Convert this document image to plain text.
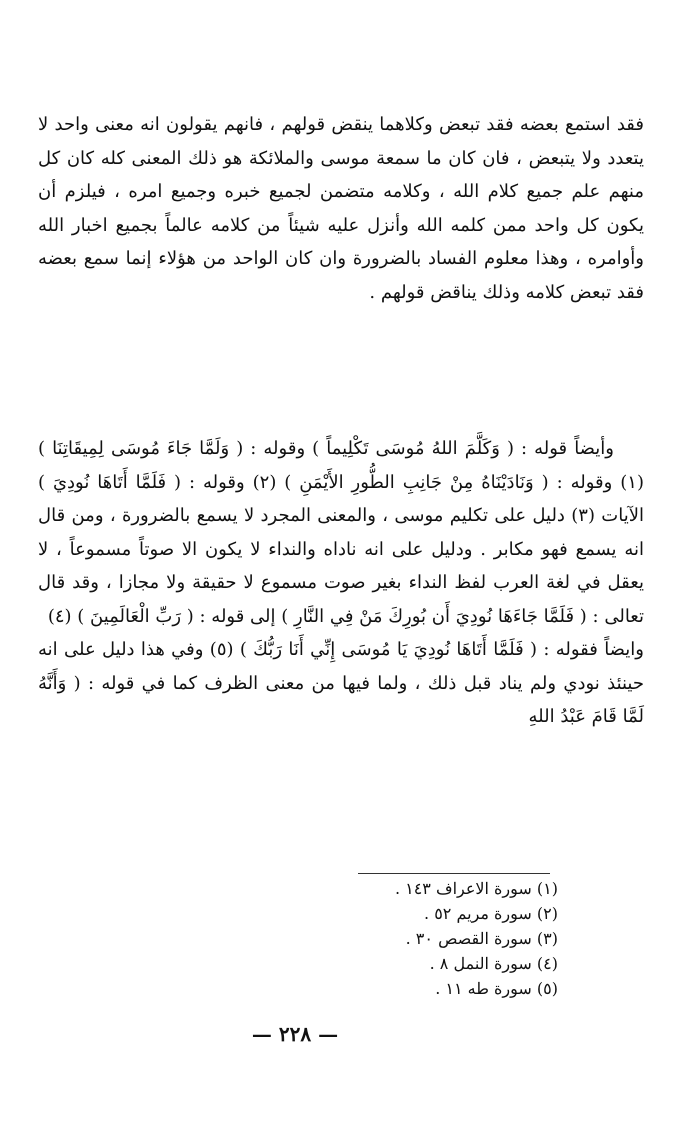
فقد استمع بعضه فقد تبعض وكلاهما ينقض قولهم ، فانهم يقولون انه معنى واحد لا يتعدد ولا يتبعض ، فان كان ما سمعة موسى والملائكة هو ذلك المعنى كله كان كل منهم علم جميع كلام الله ، وكلامه متضمن لجميع خبره وجميع امره ، فيلزم أن يكون كل واحد ممن كلمه الله وأنزل عليه شيئاً من كلامه عالماً بجميع اخبار الله وأوامره ، وهذا معلوم الفساد بالضرورة وان كان الواحد من هؤلاء إنما سمع بعضه فقد تبعض كلامه وذلك يناقض قولهم .

وأيضاً قوله : ( وَكَلَّمَ اللهُ مُوسَى تَكْلِيماً ) وقوله : ( وَلَمَّا جَاءَ مُوسَى لِمِيقَاتِنَا ) (١) وقوله : ( وَنَادَيْنَاهُ مِنْ جَانِبِ الطُّورِ الأَيْمَنِ ) (٢) وقوله : ( فَلَمَّا أَتَاهَا نُودِيَ ) الآيات (٣) دليل على تكليم موسى ، والمعنى المجرد لا يسمع بالضرورة ، ومن قال انه يسمع فهو مكابر . ودليل على انه ناداه والنداء لا يكون الا صوتاً مسموعاً ، لا يعقل في لغة العرب لفظ النداء بغير صوت مسموع لا حقيقة ولا مجازا ، وقد قال تعالى : ( فَلَمَّا جَاءَهَا نُودِيَ أَن بُورِكَ مَنْ فِي النَّارِ ) إلى قوله : ( رَبِّ الْعَالَمِينَ ) (٤)

وايضاً فقوله : ( فَلَمَّا أَتَاهَا نُودِيَ يَا مُوسَى إِنِّي أَنَا رَبُّكَ ) (٥) وفي هذا دليل على انه حينئذ نودي ولم يناد قبل ذلك ، ولما فيها من معنى الظرف كما في قوله : ( وَأَنَّهُ لَمَّا قَامَ عَبْدُ اللهِ

(١) سورة الاعراف ١٤٣ .
(٢) سورة مريم ٥٢ .
(٣) سورة القصص ٣٠ .
(٤) سورة النمل ٨ .
(٥) سورة طه ١١ .
— ٢٢٨ —
